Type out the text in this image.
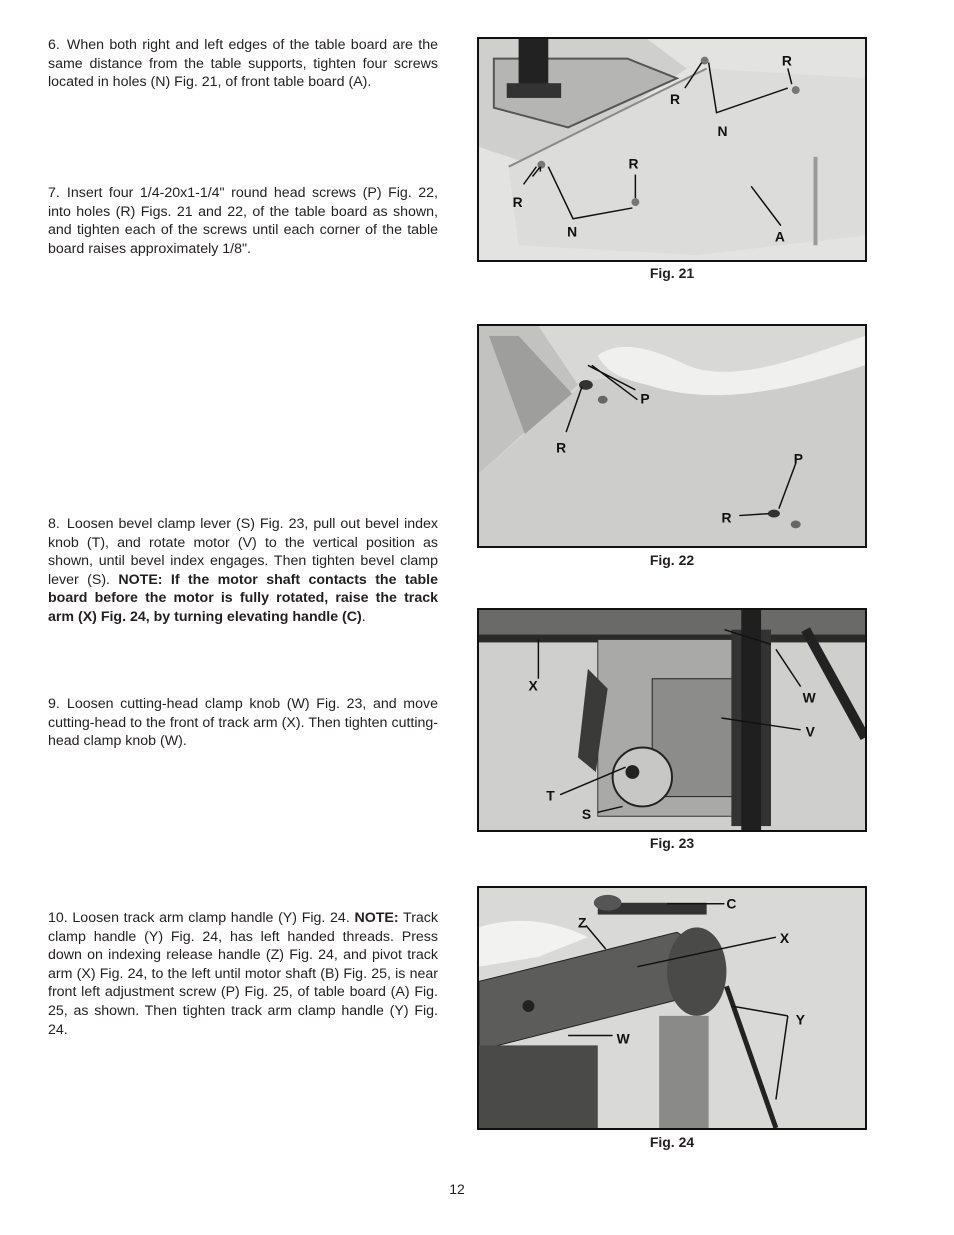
6. When both right and left edges of the table board are the same distance from the table supports, tighten four screws located in holes (N) Fig. 21, of front table board (A).

R
R
R
R
N
N
A
Fig. 21

7. Insert four 1/4-20x1-1/4" round head screws (P) Fig. 22, into holes (R) Figs. 21 and 22, of the table board as shown, and tighten each of the screws until each corner of the table board raises approximately 1/8".

P
R
P
R
Fig. 22

8. Loosen bevel clamp lever (S) Fig. 23, pull out bevel index knob (T), and rotate motor (V) to the vertical position as shown, until bevel index engages. Then tighten bevel clamp lever (S). NOTE: If the motor shaft contacts the table board before the motor is fully rotated, raise the track arm (X) Fig. 24, by turning elevating handle (C).

X
W
V
T
S
Fig. 23

9. Loosen cutting-head clamp knob (W) Fig. 23, and move cutting-head to the front of track arm (X). Then tighten cutting-head clamp knob (W).

C
Z
X
Y
W
Fig. 24

10. Loosen track arm clamp handle (Y) Fig. 24. NOTE: Track clamp handle (Y) Fig. 24, has left handed threads. Press down on indexing release handle (Z) Fig. 24, and pivot track arm (X) Fig. 24, to the left until motor shaft (B) Fig. 25, is near front left adjustment screw (P) Fig. 25, of table board (A) Fig. 25, as shown. Then tighten track arm clamp handle (Y) Fig. 24.

12
